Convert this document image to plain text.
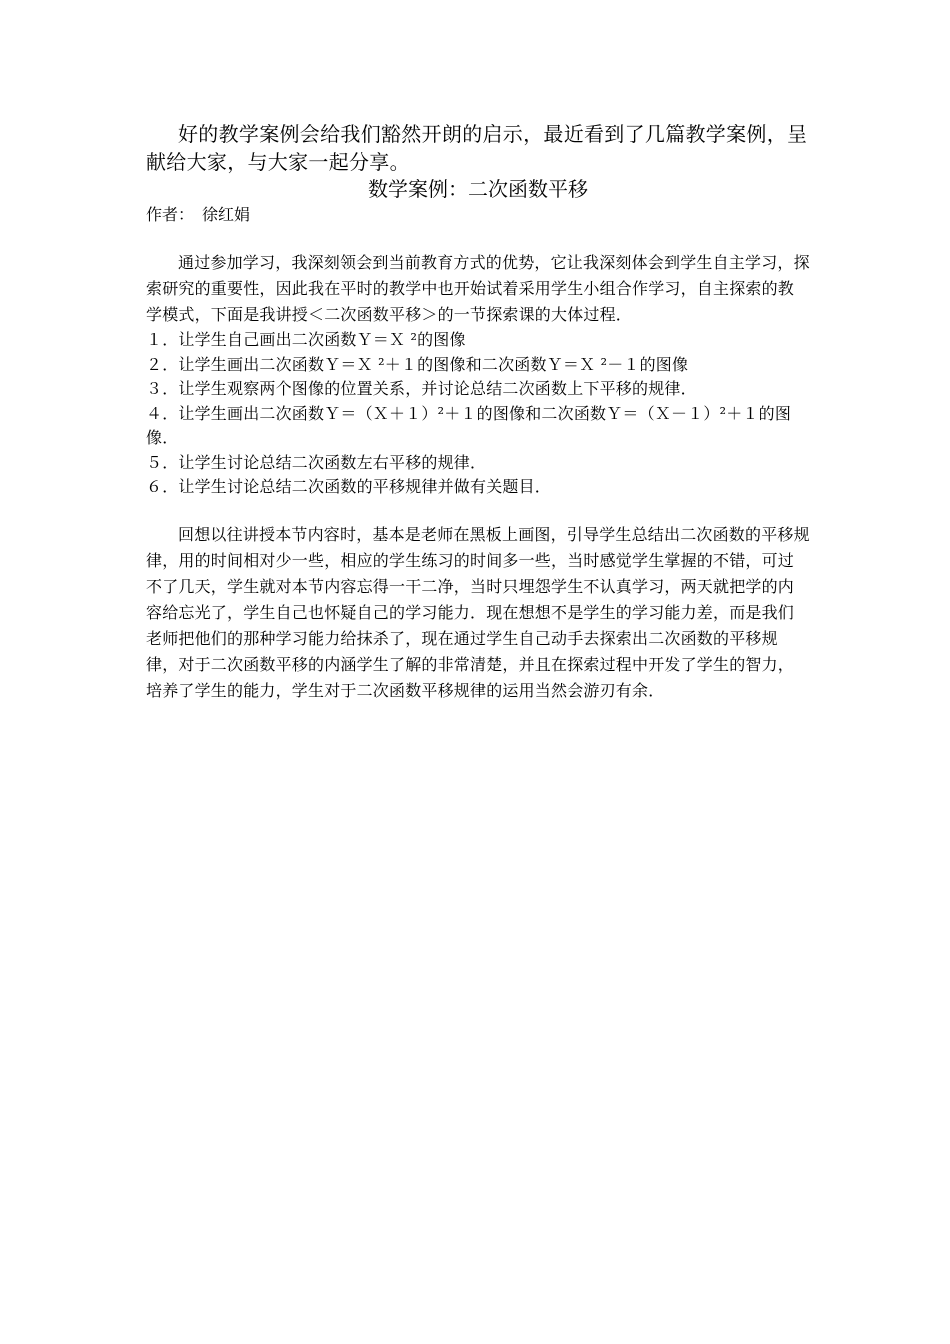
好的教学案例会给我们豁然开朗的启示，最近看到了几篇教学案例，呈献给大家，与大家一起分享。

数学案例：二次函数平移

作者：　徐红娟

通过参加学习，我深刻领会到当前教育方式的优势，它让我深刻体会到学生自主学习，探索研究的重要性，因此我在平时的教学中也开始试着采用学生小组合作学习，自主探索的教学模式，下面是我讲授＜二次函数平移＞的一节探索课的大体过程．

１．让学生自己画出二次函数Ｙ＝Ｘ ²的图像
２．让学生画出二次函数Ｙ＝Ｘ ²＋１的图像和二次函数Ｙ＝Ｘ ²－１的图像
３．让学生观察两个图像的位置关系，并讨论总结二次函数上下平移的规律．
４．让学生画出二次函数Ｙ＝（Ｘ＋１）²＋１的图像和二次函数Ｙ＝（Ｘ－１）²＋１的图像．
５．让学生讨论总结二次函数左右平移的规律．
６．让学生讨论总结二次函数的平移规律并做有关题目．

回想以往讲授本节内容时，基本是老师在黑板上画图，引导学生总结出二次函数的平移规律，用的时间相对少一些，相应的学生练习的时间多一些，当时感觉学生掌握的不错，可过不了几天，学生就对本节内容忘得一干二净，当时只埋怨学生不认真学习，两天就把学的内容给忘光了，学生自己也怀疑自己的学习能力．现在想想不是学生的学习能力差，而是我们老师把他们的那种学习能力给抹杀了，现在通过学生自己动手去探索出二次函数的平移规律，对于二次函数平移的内涵学生了解的非常清楚，并且在探索过程中开发了学生的智力，培养了学生的能力，学生对于二次函数平移规律的运用当然会游刃有余．
